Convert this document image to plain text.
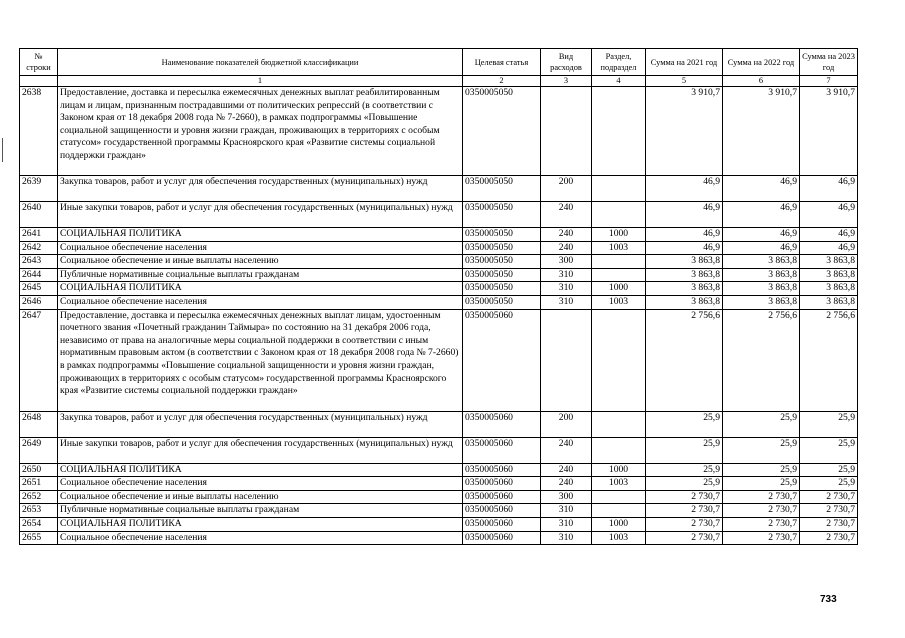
№ строки	Наименование показателей бюджетной классификации	Целевая статья	Вид расходов	Раздел, подраздел	Сумма на 2021 год	Сумма на 2022 год	Сумма на 2023 год
	1	2	3	4	5	6	7
2638	Предоставление, доставка и пересылка ежемесячных денежных выплат реабилитированным лицам и лицам, признанным пострадавшими от политических репрессий (в соответствии с Законом края от 18 декабря 2008 года № 7-2660), в рамках подпрограммы «Повышение социальной защищенности и уровня жизни граждан, проживающих в территориях с особым статусом» государственной программы Красноярского края «Развитие системы социальной поддержки граждан»	0350005050			3 910,7	3 910,7	3 910,7
2639	Закупка товаров, работ и услуг для обеспечения государственных (муниципальных) нужд	0350005050	200		46,9	46,9	46,9
2640	Иные закупки товаров, работ и услуг для обеспечения государственных (муниципальных) нужд	0350005050	240		46,9	46,9	46,9
2641	СОЦИАЛЬНАЯ ПОЛИТИКА	0350005050	240	1000	46,9	46,9	46,9
2642	Социальное обеспечение населения	0350005050	240	1003	46,9	46,9	46,9
2643	Социальное обеспечение и иные выплаты населению	0350005050	300		3 863,8	3 863,8	3 863,8
2644	Публичные нормативные социальные выплаты гражданам	0350005050	310		3 863,8	3 863,8	3 863,8
2645	СОЦИАЛЬНАЯ ПОЛИТИКА	0350005050	310	1000	3 863,8	3 863,8	3 863,8
2646	Социальное обеспечение населения	0350005050	310	1003	3 863,8	3 863,8	3 863,8
2647	Предоставление, доставка и пересылка ежемесячных денежных выплат лицам, удостоенным почетного звания «Почетный гражданин Таймыра» по состоянию на 31 декабря 2006 года, независимо от права на аналогичные меры социальной поддержки в соответствии с иным нормативным правовым актом (в соответствии с Законом края от 18 декабря 2008 года № 7-2660) в рамках подпрограммы «Повышение социальной защищенности и уровня жизни граждан, проживающих в территориях с особым статусом» государственной программы Красноярского края «Развитие системы социальной поддержки граждан»	0350005060			2 756,6	2 756,6	2 756,6
2648	Закупка товаров, работ и услуг для обеспечения государственных (муниципальных) нужд	0350005060	200		25,9	25,9	25,9
2649	Иные закупки товаров, работ и услуг для обеспечения государственных (муниципальных) нужд	0350005060	240		25,9	25,9	25,9
2650	СОЦИАЛЬНАЯ ПОЛИТИКА	0350005060	240	1000	25,9	25,9	25,9
2651	Социальное обеспечение населения	0350005060	240	1003	25,9	25,9	25,9
2652	Социальное обеспечение и иные выплаты населению	0350005060	300		2 730,7	2 730,7	2 730,7
2653	Публичные нормативные социальные выплаты гражданам	0350005060	310		2 730,7	2 730,7	2 730,7
2654	СОЦИАЛЬНАЯ ПОЛИТИКА	0350005060	310	1000	2 730,7	2 730,7	2 730,7
2655	Социальное обеспечение населения	0350005060	310	1003	2 730,7	2 730,7	2 730,7
733
